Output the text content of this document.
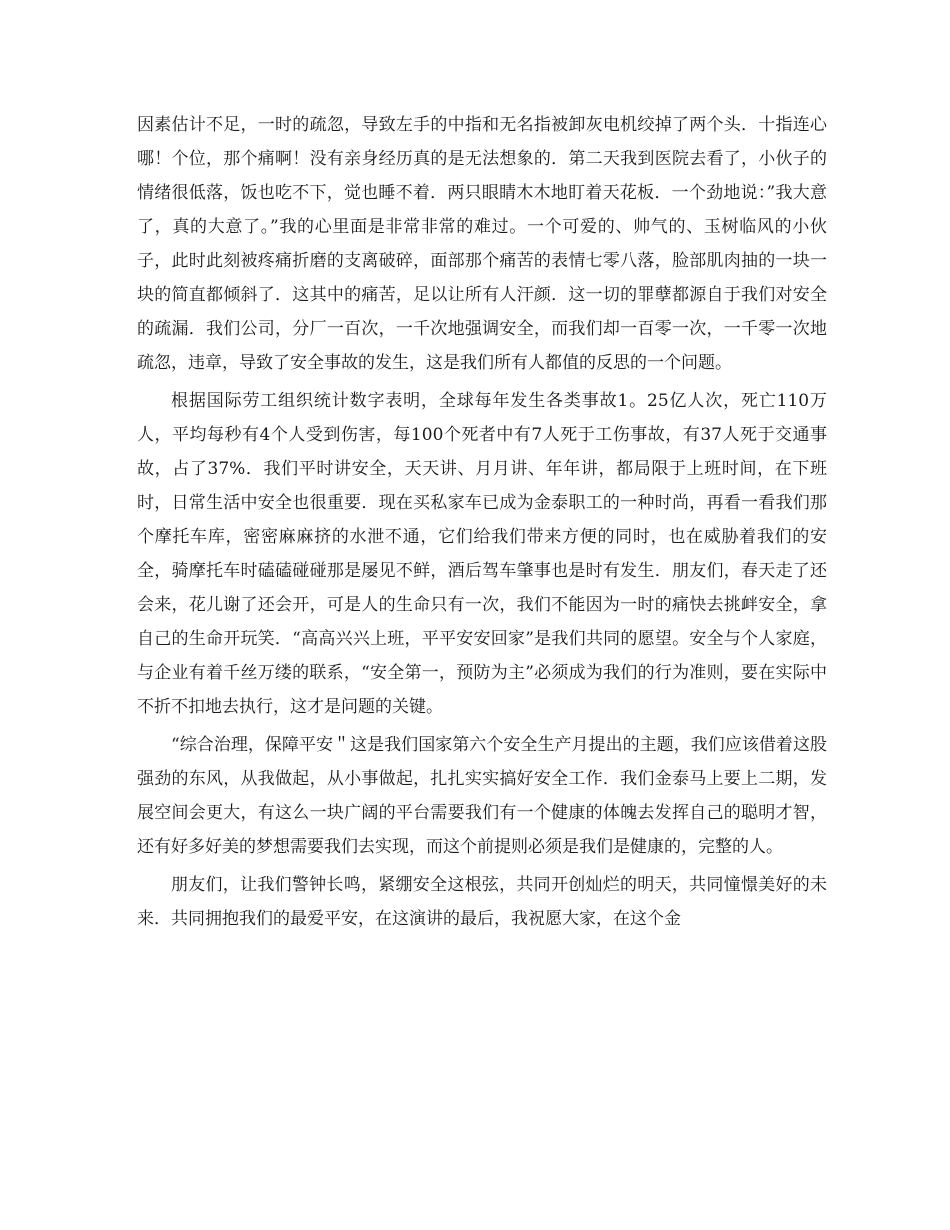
因素估计不足，一时的疏忽，导致左手的中指和无名指被卸灰电机绞掉了两个头．十指连心哪！个位，那个痛啊！没有亲身经历真的是无法想象的．第二天我到医院去看了，小伙子的情绪很低落，饭也吃不下，觉也睡不着．两只眼睛木木地盯着天花板．一个劲地说：”我大意了，真的大意了。”我的心里面是非常非常的难过。一个可爱的、帅气的、玉树临风的小伙子，此时此刻被疼痛折磨的支离破碎，面部那个痛苦的表情七零八落，脸部肌肉抽的一块一块的简直都倾斜了．这其中的痛苦，足以让所有人汗颜．这一切的罪孽都源自于我们对安全的疏漏．我们公司，分厂一百次，一千次地强调安全，而我们却一百零一次，一千零一次地疏忽，违章，导致了安全事故的发生，这是我们所有人都值的反思的一个问题。

根据国际劳工组织统计数字表明，全球每年发生各类事故1。25亿人次，死亡110万人，平均每秒有4个人受到伤害，每100个死者中有7人死于工伤事故，有37人死于交通事故，占了37%．我们平时讲安全，天天讲、月月讲、年年讲，都局限于上班时间，在下班时，日常生活中安全也很重要．现在买私家车已成为金泰职工的一种时尚，再看一看我们那个摩托车库，密密麻麻挤的水泄不通，它们给我们带来方便的同时，也在威胁着我们的安全，骑摩托车时磕磕碰碰那是屡见不鲜，酒后驾车肇事也是时有发生．朋友们，春天走了还会来，花儿谢了还会开，可是人的生命只有一次，我们不能因为一时的痛快去挑衅安全，拿自己的生命开玩笑．“高高兴兴上班，平平安安回家”是我们共同的愿望。安全与个人家庭，与企业有着千丝万缕的联系，“安全第一，预防为主”必须成为我们的行为准则，要在实际中不折不扣地去执行，这才是问题的关键。

“综合治理，保障平安＂这是我们国家第六个安全生产月提出的主题，我们应该借着这股强劲的东风，从我做起，从小事做起，扎扎实实搞好安全工作．我们金泰马上要上二期，发展空间会更大，有这么一块广阔的平台需要我们有一个健康的体魄去发挥自己的聪明才智，还有好多好美的梦想需要我们去实现，而这个前提则必须是我们是健康的，完整的人。

朋友们，让我们警钟长鸣，紧绷安全这根弦，共同开创灿烂的明天，共同憧憬美好的未来．共同拥抱我们的最爱平安，在这演讲的最后，我祝愿大家，在这个金
